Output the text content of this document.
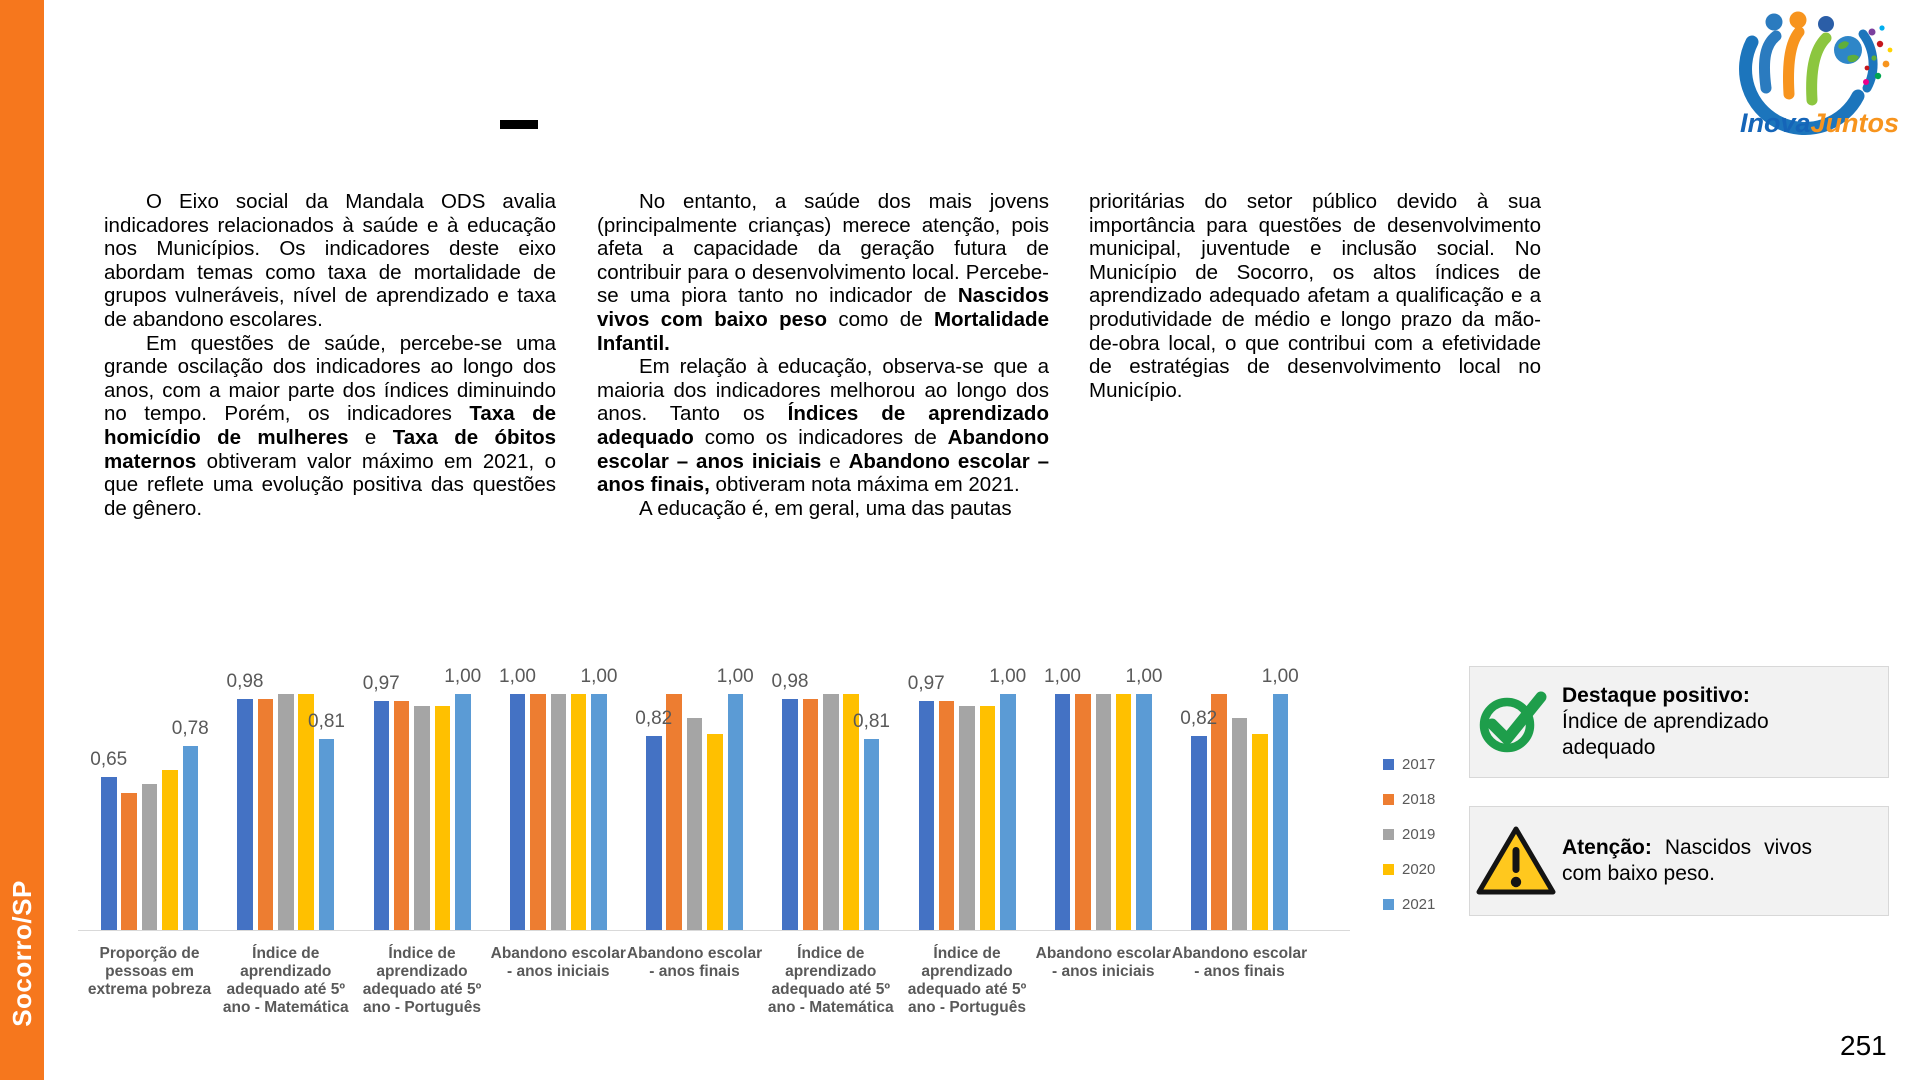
Socorro/SP
InovaJuntos
O Eixo social da Mandala ODS avalia indicadores relacionados à saúde e à educação nos Municípios. Os indicadores deste eixo abordam temas como taxa de mortalidade de grupos vulneráveis, nível de aprendizado e taxa de abandono escolares.
Em questões de saúde, percebe-se uma grande oscilação dos indicadores ao longo dos anos, com a maior parte dos índices diminuindo no tempo. Porém, os indicadores Taxa de homicídio de mulheres e Taxa de óbitos maternos obtiveram valor máximo em 2021, o que reflete uma evolução positiva das questões de gênero.
No entanto, a saúde dos mais jovens (principalmente crianças) merece atenção, pois afeta a capacidade da geração futura de contribuir para o desenvolvimento local. Percebe-se uma piora tanto no indicador de Nascidos vivos com baixo peso como de Mortalidade Infantil.
Em relação à educação, observa-se que a maioria dos indicadores melhorou ao longo dos anos. Tanto os Índices de aprendizado adequado como os indicadores de Abandono escolar – anos iniciais e Abandono escolar – anos finais, obtiveram nota máxima em 2021.
A educação é, em geral, uma das pautas
prioritárias do setor público devido à sua importância para questões de desenvolvimento municipal, juventude e inclusão social. No Município de Socorro, os altos índices de aprendizado adequado afetam a qualificação e a produtividade de médio e longo prazo da mão-de-obra local, o que contribui com a efetividade de estratégias de desenvolvimento local no Município.
0,65
0,78
Proporção de pessoas em extrema pobreza
0,98
0,81
Índice de aprendizado adequado até 5º ano - Matemática
0,97 1,00
Índice de aprendizado adequado até 5º ano - Português
1,00 1,00
Abandono escolar - anos iniciais
0,82
1,00
Abandono escolar - anos finais
0,98
0,81
Índice de aprendizado adequado até 5º ano - Matemática
0,97 1,00
Índice de aprendizado adequado até 5º ano - Português
1,00 1,00
Abandono escolar - anos iniciais
0,82
1,00
Abandono escolar - anos finais
2017
2018
2019
2020
2021
Destaque positivo:
Índice de aprendizado adequado
Atenção: Nascidos vivos com baixo peso.
251
